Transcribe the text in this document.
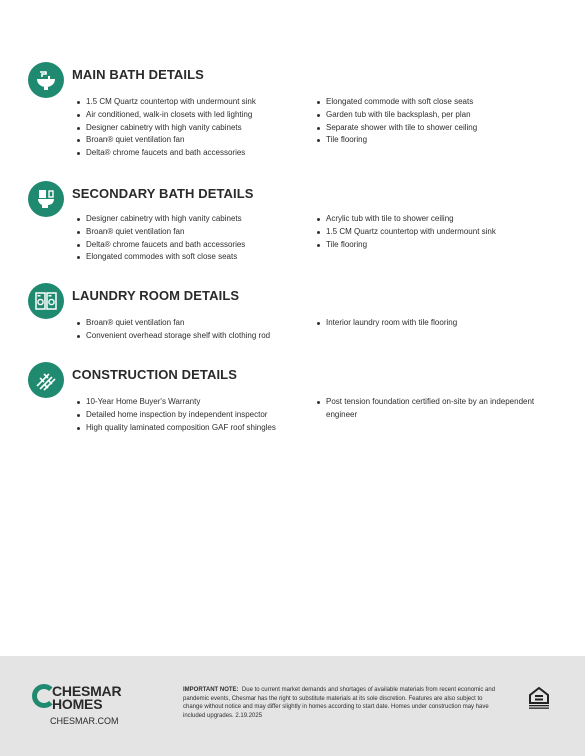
MAIN BATH DETAILS
1.5 CM Quartz countertop with undermount sink
Air conditioned, walk-in closets with led lighting
Designer cabinetry with high vanity cabinets
Broan® quiet ventilation fan
Delta® chrome faucets and bath accessories
Elongated commode with soft close seats
Garden tub with tile backsplash, per plan
Separate shower with tile to shower ceiling
Tile flooring
SECONDARY BATH DETAILS
Designer cabinetry with high vanity cabinets
Broan® quiet ventilation fan
Delta® chrome faucets and bath accessories
Elongated commodes with soft close seats
Acrylic tub with tile to shower ceiling
1.5 CM Quartz countertop with undermount sink
Tile flooring
LAUNDRY ROOM DETAILS
Broan® quiet ventilation fan
Convenient overhead storage shelf with clothing rod
Interior laundry room with tile flooring
CONSTRUCTION DETAILS
10-Year Home Buyer's Warranty
Detailed home inspection by independent inspector
High quality laminated composition GAF roof shingles
Post tension foundation certified on-site by an independent engineer
CHESMAR
HOMES
CHESMAR.COM
IMPORTANT NOTE: Due to current market demands and shortages of available materials from recent economic and pandemic events, Chesmar has the right to substitute materials at its sole discretion. Features are also subject to change without notice and may differ slightly in homes according to start date. Homes under construction may have included upgrades. 2.19.2025
